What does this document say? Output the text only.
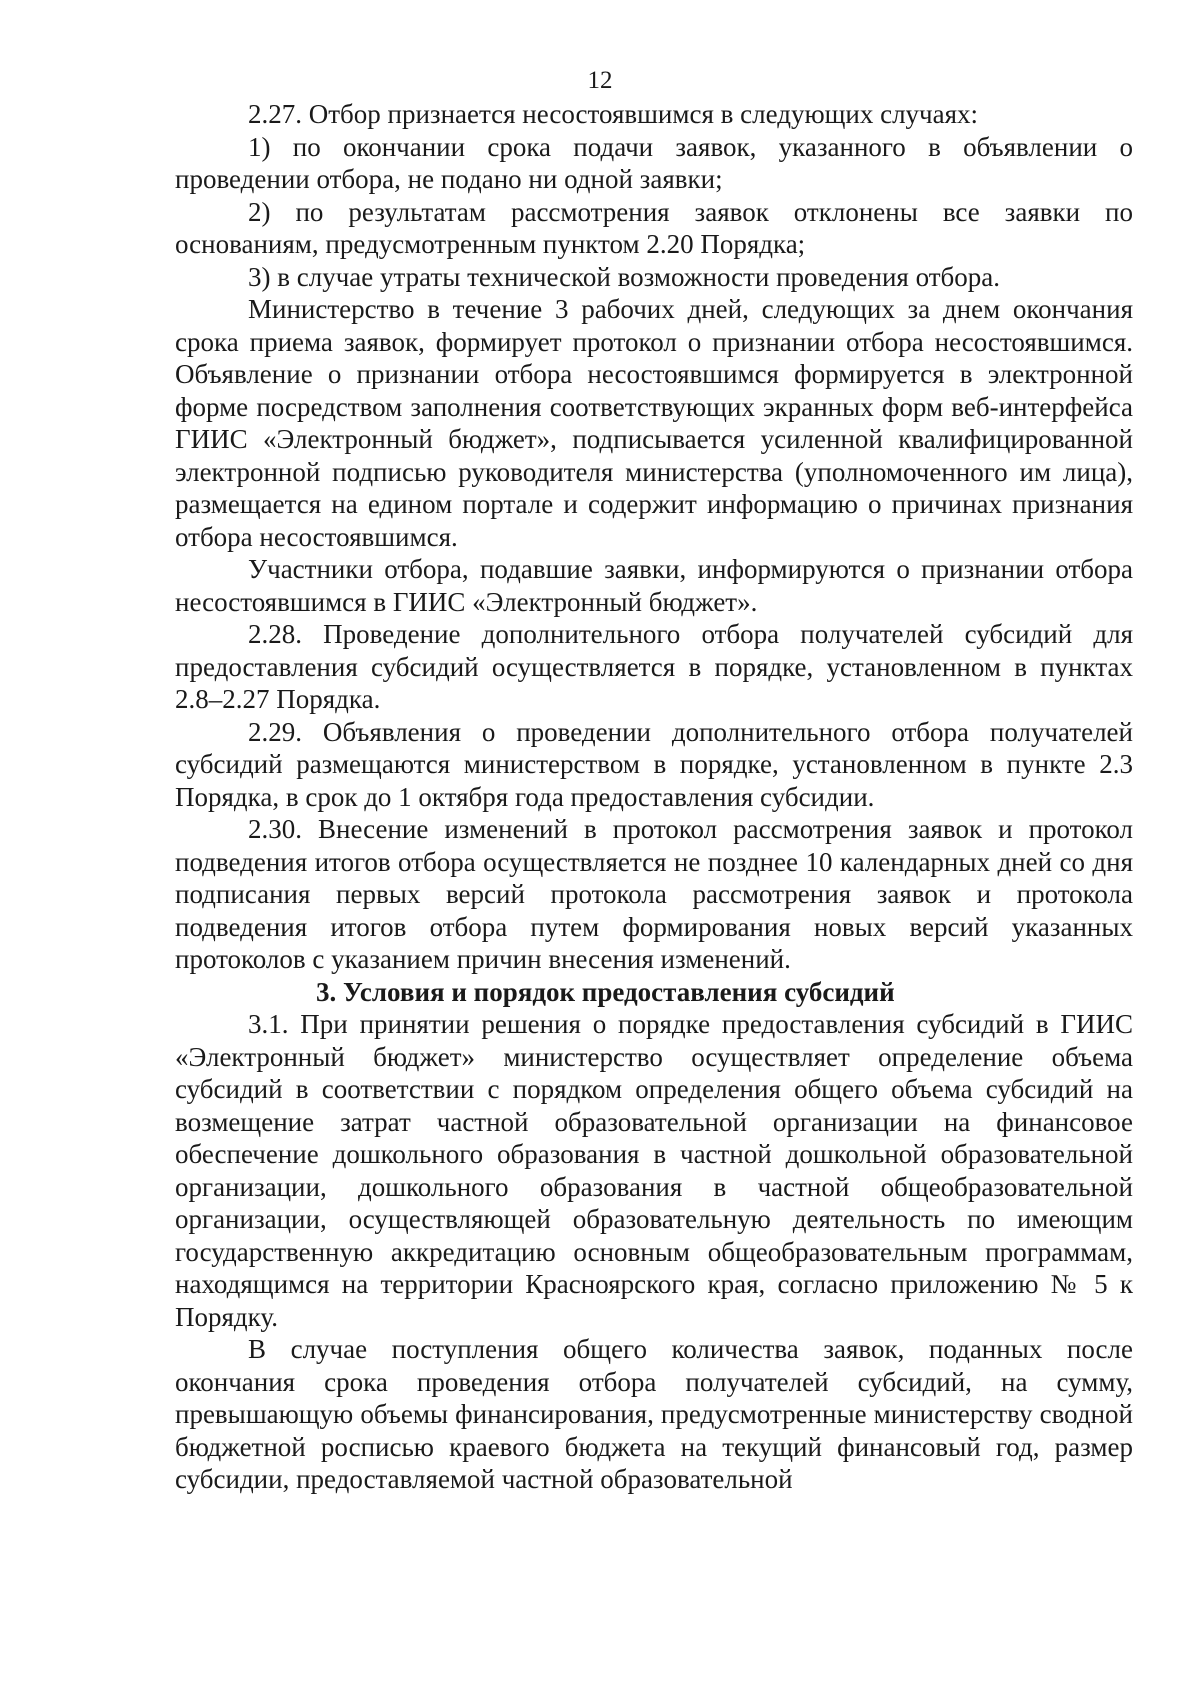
12

2.27. Отбор признается несостоявшимся в следующих случаях:

1) по окончании срока подачи заявок, указанного в объявлении о проведении отбора, не подано ни одной заявки;

2) по результатам рассмотрения заявок отклонены все заявки по основаниям, предусмотренным пунктом 2.20 Порядка;

3) в случае утраты технической возможности проведения отбора.

Министерство в течение 3 рабочих дней, следующих за днем окончания срока приема заявок, формирует протокол о признании отбора несостоявшимся. Объявление о признании отбора несостоявшимся формируется в электронной форме посредством заполнения соответствующих экранных форм веб-интерфейса ГИИС «Электронный бюджет», подписывается усиленной квалифицированной электронной подписью руководителя министерства (уполномоченного им лица), размещается на едином портале и содержит информацию о причинах признания отбора несостоявшимся.

Участники отбора, подавшие заявки, информируются о признании отбора несостоявшимся в ГИИС «Электронный бюджет».

2.28. Проведение дополнительного отбора получателей субсидий для предоставления субсидий осуществляется в порядке, установленном в пунктах 2.8–2.27 Порядка.

2.29. Объявления о проведении дополнительного отбора получателей субсидий размещаются министерством в порядке, установленном в пункте 2.3 Порядка, в срок до 1 октября года предоставления субсидии.

2.30. Внесение изменений в протокол рассмотрения заявок и протокол подведения итогов отбора осуществляется не позднее 10 календарных дней со дня подписания первых версий протокола рассмотрения заявок и протокола подведения итогов отбора путем формирования новых версий указанных протоколов с указанием причин внесения изменений.

3. Условия и порядок предоставления субсидий

3.1. При принятии решения о порядке предоставления субсидий в ГИИС «Электронный бюджет» министерство осуществляет определение объема субсидий в соответствии с порядком определения общего объема субсидий на возмещение затрат частной образовательной организации на финансовое обеспечение дошкольного образования в частной дошкольной образовательной организации, дошкольного образования в частной общеобразовательной организации, осуществляющей образовательную деятельность по имеющим государственную аккредитацию основным общеобразовательным программам, находящимся на территории Красноярского края, согласно приложению № 5 к Порядку.

В случае поступления общего количества заявок, поданных после окончания срока проведения отбора получателей субсидий, на сумму, превышающую объемы финансирования, предусмотренные министерству сводной бюджетной росписью краевого бюджета на текущий финансовый год, размер субсидии, предоставляемой частной образовательной
